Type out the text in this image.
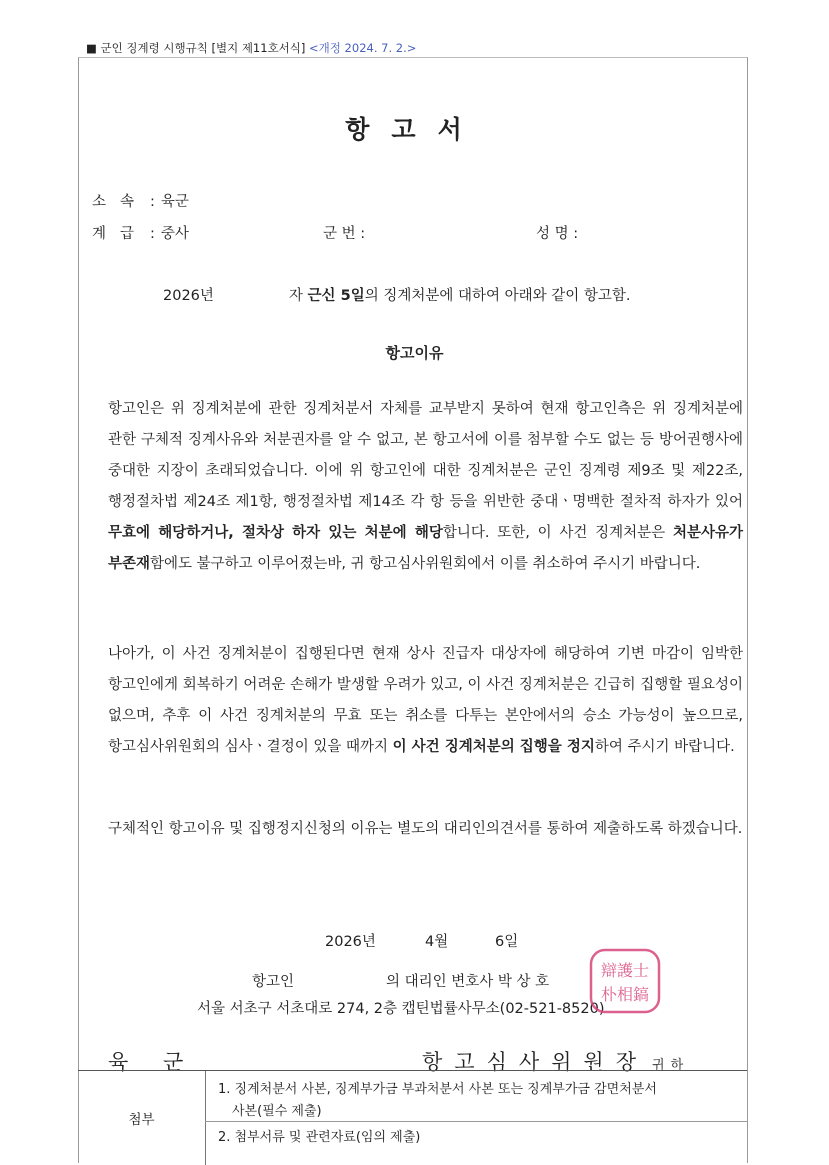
■ 군인 징계령 시행규칙 [별지 제11호서식] <개정 2024. 7. 2.>
항고서
소속 : 육군
계급 : 중사	군 번 :	성 명 :
2026년	자 근신 5일의 징계처분에 대하여 아래와 같이 항고함.
항고이유
항고인은 위 징계처분에 관한 징계처분서 자체를 교부받지 못하여 현재 항고인측은 위 징계처분에 관한 구체적 징계사유와 처분권자를 알 수 없고, 본 항고서에 이를 첨부할 수도 없는 등 방어권행사에 중대한 지장이 초래되었습니다. 이에 위 항고인에 대한 징계처분은 군인 징계령 제9조 및 제22조, 행정절차법 제24조 제1항, 행정절차법 제14조 각 항 등을 위반한 중대ㆍ명백한 절차적 하자가 있어 무효에 해당하거나, 절차상 하자 있는 처분에 해당합니다. 또한, 이 사건 징계처분은 처분사유가 부존재함에도 불구하고 이루어졌는바, 귀 항고심사위원회에서 이를 취소하여 주시기 바랍니다.
나아가, 이 사건 징계처분이 집행된다면 현재 상사 진급자 대상자에 해당하여 기변 마감이 임박한 항고인에게 회복하기 어려운 손해가 발생할 우려가 있고, 이 사건 징계처분은 긴급히 집행할 필요성이 없으며, 추후 이 사건 징계처분의 무효 또는 취소를 다투는 본안에서의 승소 가능성이 높으므로, 항고심사위원회의 심사ㆍ결정이 있을 때까지 이 사건 징계처분의 집행을 정지하여 주시기 바랍니다.
구체적인 항고이유 및 집행정지신청의 이유는 별도의 대리인의견서를 통하여 제출하도록 하겠습니다.
2026년	4월	6일
항고인	의 대리인 변호사 박 상 호
서울 서초구 서초대로 274, 2층 캡틴법률사무소(02-521-8520)
辯護士
朴相鎬
육 군	항고심사위원장 귀하
첨부
1. 징계처분서 사본, 징계부가금 부과처분서 사본 또는 징계부가금 감면처분서
사본(필수 제출)
2. 첨부서류 및 관련자료(임의 제출)
